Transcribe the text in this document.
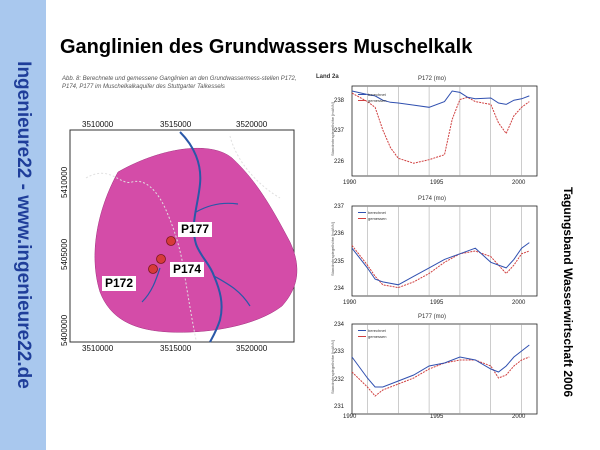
Ingenieure22 - www.ingenieure22.de
Ganglinien des Grundwassers Muschelkalk
Tagungsband Wasserwirtschaft 2006
Abb. 8: Berechnete und gemessene Ganglinien an den Grundwassermess-stellen P172, P174, P177 im Muschelkalkaquifer des Stuttgarter Talkessels
3510000	3515000	3520000
3510000	3515000	3520000
5410000
5405000
5400000
P177
P174
P172
Land 2a	P172 (mo)
Standrohrspiegelhöhe [müNN]
238
237
226
1990	1995	2000
berechnet
gemessen
P174 (mo)
Standrohrspiegelhöhe [müNN]
237
236
235
234
1990	1995	2000
berechnet
gemessen
P177 (mo)
Standrohrspiegelhöhe [müNN]
234
233
232
231
1990	1995	2000
berechnet
gemessen
